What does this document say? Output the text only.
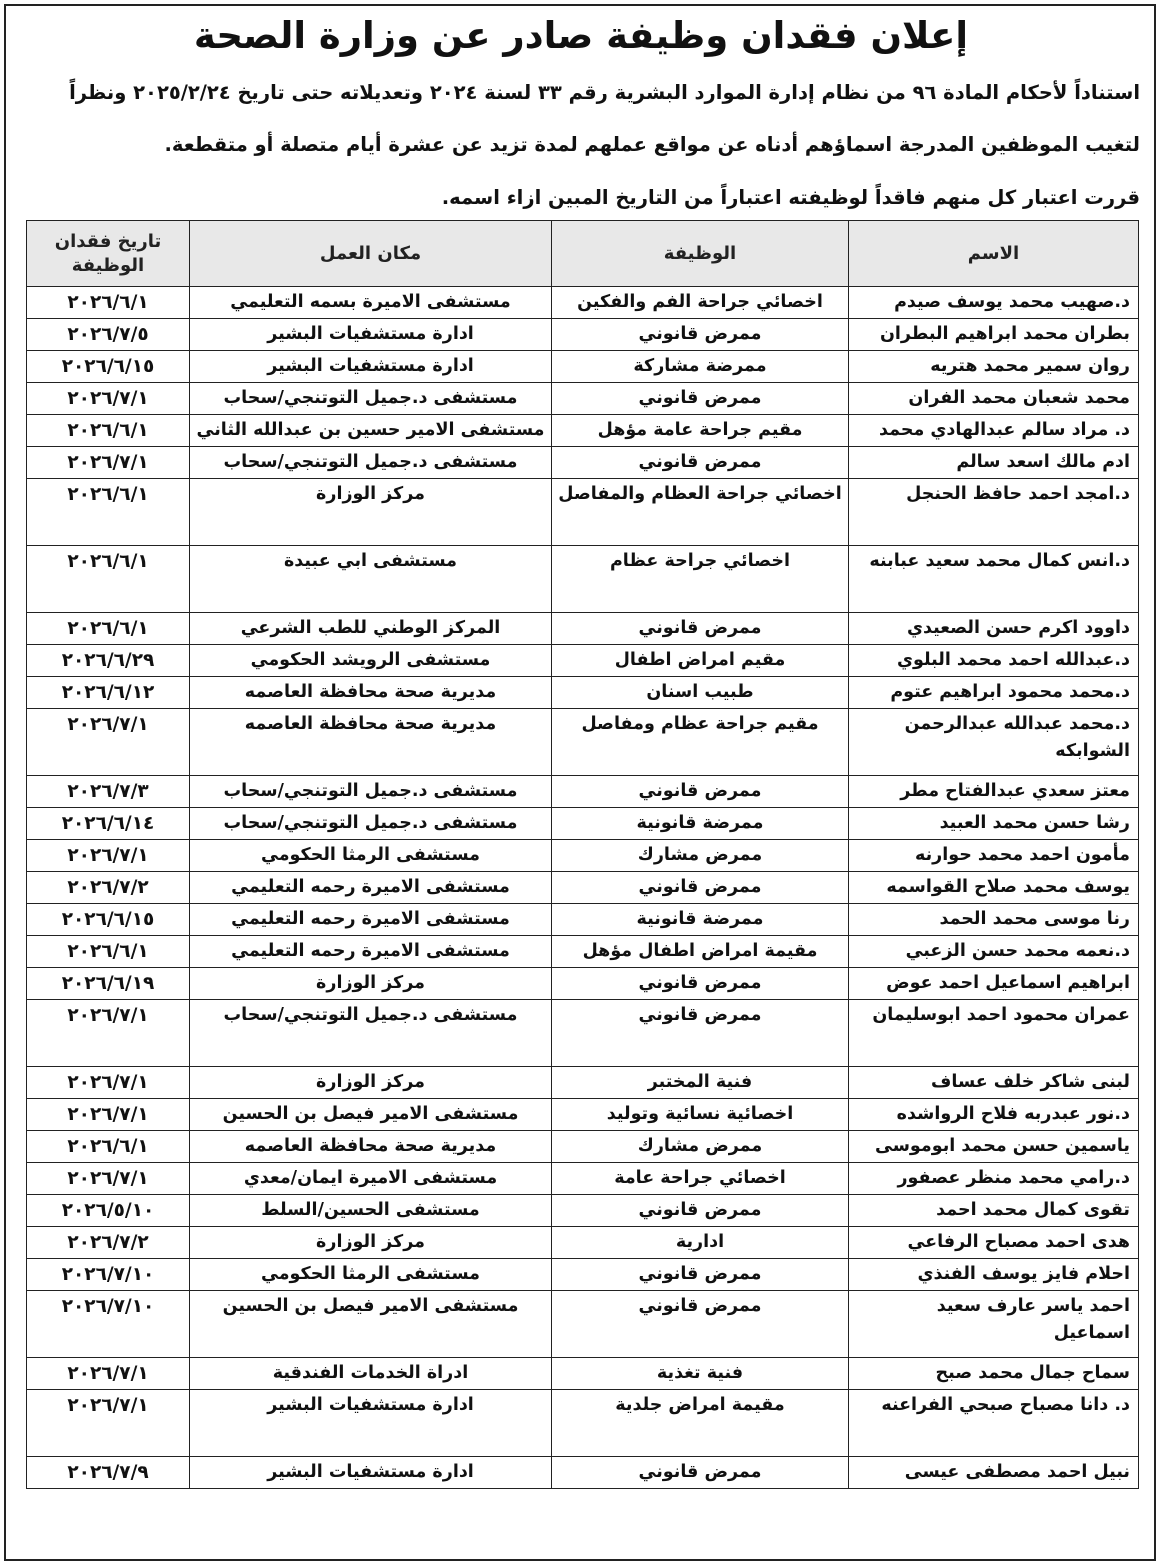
إعلان فقدان وظيفة صادر عن وزارة الصحة
استناداً لأحكام المادة ٩٦ من نظام إدارة الموارد البشرية رقم ٣٣ لسنة ٢٠٢٤ وتعديلاته حتى تاريخ ٢٠٢٥/٢/٢٤ ونظراً
لتغيب الموظفين المدرجة اسماؤهم أدناه عن مواقع عملهم لمدة تزيد عن عشرة أيام متصلة أو متقطعة.
قررت اعتبار كل منهم فاقداً لوظيفته اعتباراً من التاريخ المبين ازاء اسمه.
الاسم	الوظيفة	مكان العمل	تاريخ فقدان الوظيفة
د.صهيب محمد يوسف صيدم	اخصائي جراحة الفم والفكين	مستشفى الاميرة بسمه التعليمي	٢٠٢٦/٦/١
بطران محمد ابراهيم البطران	ممرض قانوني	ادارة مستشفيات البشير	٢٠٢٦/٧/٥
روان سمير محمد هتريه	ممرضة مشاركة	ادارة مستشفيات البشير	٢٠٢٦/٦/١٥
محمد شعبان محمد الفران	ممرض قانوني	مستشفى د.جميل التوتنجي/سحاب	٢٠٢٦/٧/١
د. مراد سالم عبدالهادي محمد	مقيم جراحة عامة مؤهل	مستشفى الامير حسين بن عبدالله الثاني	٢٠٢٦/٦/١
ادم مالك اسعد سالم	ممرض قانوني	مستشفى د.جميل التوتنجي/سحاب	٢٠٢٦/٧/١
د.امجد احمد حافظ الحنجل	اخصائي جراحة العظام والمفاصل	مركز الوزارة	٢٠٢٦/٦/١
د.انس كمال محمد سعيد عبابنه	اخصائي جراحة عظام	مستشفى ابي عبيدة	٢٠٢٦/٦/١
داوود اكرم حسن الصعيدي	ممرض قانوني	المركز الوطني للطب الشرعي	٢٠٢٦/٦/١
د.عبدالله احمد محمد البلوي	مقيم امراض اطفال	مستشفى الرويشد الحكومي	٢٠٢٦/٦/٢٩
د.محمد محمود ابراهيم عتوم	طبيب اسنان	مديرية صحة محافظة العاصمه	٢٠٢٦/٦/١٢
د.محمد عبدالله عبدالرحمن الشوابكه	مقيم جراحة عظام ومفاصل	مديرية صحة محافظة العاصمه	٢٠٢٦/٧/١
معتز سعدي عبدالفتاح مطر	ممرض قانوني	مستشفى د.جميل التوتنجي/سحاب	٢٠٢٦/٧/٣
رشا حسن محمد العبيد	ممرضة قانونية	مستشفى د.جميل التوتنجي/سحاب	٢٠٢٦/٦/١٤
مأمون احمد محمد حوارنه	ممرض مشارك	مستشفى الرمثا الحكومي	٢٠٢٦/٧/١
يوسف محمد صلاح القواسمه	ممرض قانوني	مستشفى الاميرة رحمه التعليمي	٢٠٢٦/٧/٢
رنا موسى محمد الحمد	ممرضة قانونية	مستشفى الاميرة رحمه التعليمي	٢٠٢٦/٦/١٥
د.نعمه محمد حسن الزعبي	مقيمة امراض اطفال مؤهل	مستشفى الاميرة رحمه التعليمي	٢٠٢٦/٦/١
ابراهيم اسماعيل احمد عوض	ممرض قانوني	مركز الوزارة	٢٠٢٦/٦/١٩
عمران محمود احمد ابوسليمان	ممرض قانوني	مستشفى د.جميل التوتنجي/سحاب	٢٠٢٦/٧/١
لبنى شاكر خلف عساف	فنية المختبر	مركز الوزارة	٢٠٢٦/٧/١
د.نور عبدربه فلاح الرواشده	اخصائية نسائية وتوليد	مستشفى الامير فيصل بن الحسين	٢٠٢٦/٧/١
ياسمين حسن محمد ابوموسى	ممرض مشارك	مديرية صحة محافظة العاصمه	٢٠٢٦/٦/١
د.رامي محمد منظر عصفور	اخصائي جراحة عامة	مستشفى الاميرة ايمان/معدي	٢٠٢٦/٧/١
تقوى كمال محمد احمد	ممرض قانوني	مستشفى الحسين/السلط	٢٠٢٦/٥/١٠
هدى احمد مصباح الرفاعي	ادارية	مركز الوزارة	٢٠٢٦/٧/٢
احلام فايز يوسف الفنذي	ممرض قانوني	مستشفى الرمثا الحكومي	٢٠٢٦/٧/١٠
احمد ياسر عارف سعيد اسماعيل	ممرض قانوني	مستشفى الامير فيصل بن الحسين	٢٠٢٦/٧/١٠
سماح جمال محمد صبح	فنية تغذية	ادراة الخدمات الفندقية	٢٠٢٦/٧/١
د. دانا مصباح صبحي الفراعنه	مقيمة امراض جلدية	ادارة مستشفيات البشير	٢٠٢٦/٧/١
نبيل احمد مصطفى عيسى	ممرض قانوني	ادارة مستشفيات البشير	٢٠٢٦/٧/٩
